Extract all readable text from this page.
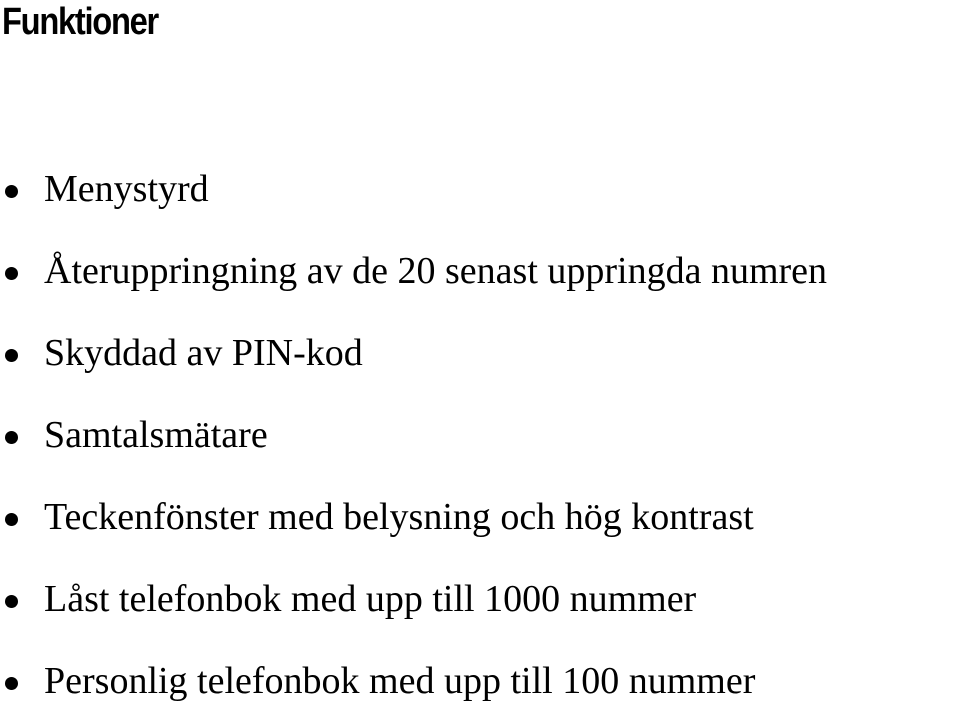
Funktioner
Menystyrd
Återuppringning av de 20 senast uppringda numren
Skyddad av PIN-kod
Samtalsmätare
Teckenfönster med belysning och hög kontrast
Låst telefonbok med upp till 1000 nummer
Personlig telefonbok med upp till 100 nummer
